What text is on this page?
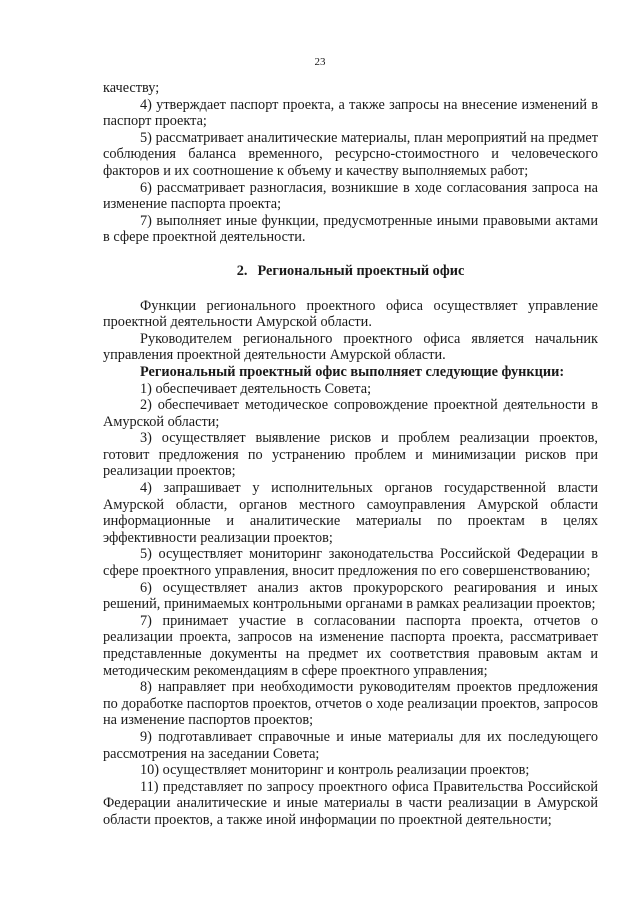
23

качеству;

4) утверждает паспорт проекта, а также запросы на внесение изменений в паспорт проекта;

5) рассматривает аналитические материалы, план мероприятий на предмет соблюдения баланса временного, ресурсно-стоимостного и человеческого факторов и их соотношение к объему и качеству выполняемых работ;

6) рассматривает разногласия, возникшие в ходе согласования запроса на изменение паспорта проекта;

7) выполняет иные функции, предусмотренные иными правовыми актами в сфере проектной деятельности.

2. Региональный проектный офис

Функции регионального проектного офиса осуществляет управление проектной деятельности Амурской области.

Руководителем регионального проектного офиса является начальник управления проектной деятельности Амурской области.

Региональный проектный офис выполняет следующие функции:

1) обеспечивает деятельность Совета;

2) обеспечивает методическое сопровождение проектной деятельности в Амурской области;

3) осуществляет выявление рисков и проблем реализации проектов, готовит предложения по устранению проблем и минимизации рисков при реализации проектов;

4) запрашивает у исполнительных органов государственной власти Амурской области, органов местного самоуправления Амурской области информационные и аналитические материалы по проектам в целях эффективности реализации проектов;

5) осуществляет мониторинг законодательства Российской Федерации в сфере проектного управления, вносит предложения по его совершенствованию;

6) осуществляет анализ актов прокурорского реагирования и иных решений, принимаемых контрольными органами в рамках реализации проектов;

7) принимает участие в согласовании паспорта проекта, отчетов о реализации проекта, запросов на изменение паспорта проекта, рассматривает представленные документы на предмет их соответствия правовым актам и методическим рекомендациям в сфере проектного управления;

8) направляет при необходимости руководителям проектов предложения по доработке паспортов проектов, отчетов о ходе реализации проектов, запросов на изменение паспортов проектов;

9) подготавливает справочные и иные материалы для их последующего рассмотрения на заседании Совета;

10) осуществляет мониторинг и контроль реализации проектов;

11) представляет по запросу проектного офиса Правительства Российской Федерации аналитические и иные материалы в части реализации в Амурской области проектов, а также иной информации по проектной деятельности;
